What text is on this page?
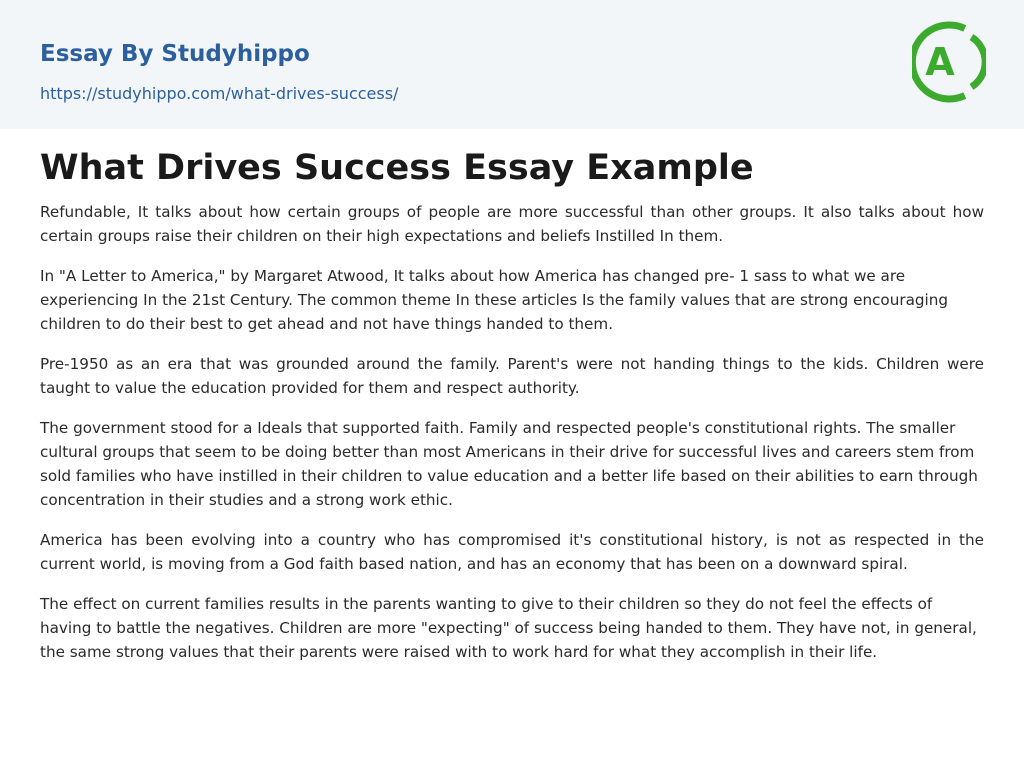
Essay By Studyhippo
https://studyhippo.com/what-drives-success/
A
What Drives Success Essay Example

Refundable, It talks about how certain groups of people are more successful than other groups. It also talks about how certain groups raise their children on their high expectations and beliefs Instilled In them.

In "A Letter to America," by Margaret Atwood, It talks about how America has changed pre- 1 sass to what we are experiencing In the 21st Century. The common theme In these articles Is the family values that are strong encouraging children to do their best to get ahead and not have things handed to them.

Pre-1950 as an era that was grounded around the family. Parent's were not handing things to the kids. Children were taught to value the education provided for them and respect authority.

The government stood for a Ideals that supported faith. Family and respected people's constitutional rights. The smaller cultural groups that seem to be doing better than most Americans in their drive for successful lives and careers stem from sold families who have instilled in their children to value education and a better life based on their abilities to earn through concentration in their studies and a strong work ethic.

America has been evolving into a country who has compromised it's constitutional history, is not as respected in the current world, is moving from a God faith based nation, and has an economy that has been on a downward spiral.

The effect on current families results in the parents wanting to give to their children so they do not feel the effects of having to battle the negatives. Children are more "expecting" of success being handed to them. They have not, in general, the same strong values that their parents were raised with to work hard for what they accomplish in their life.
